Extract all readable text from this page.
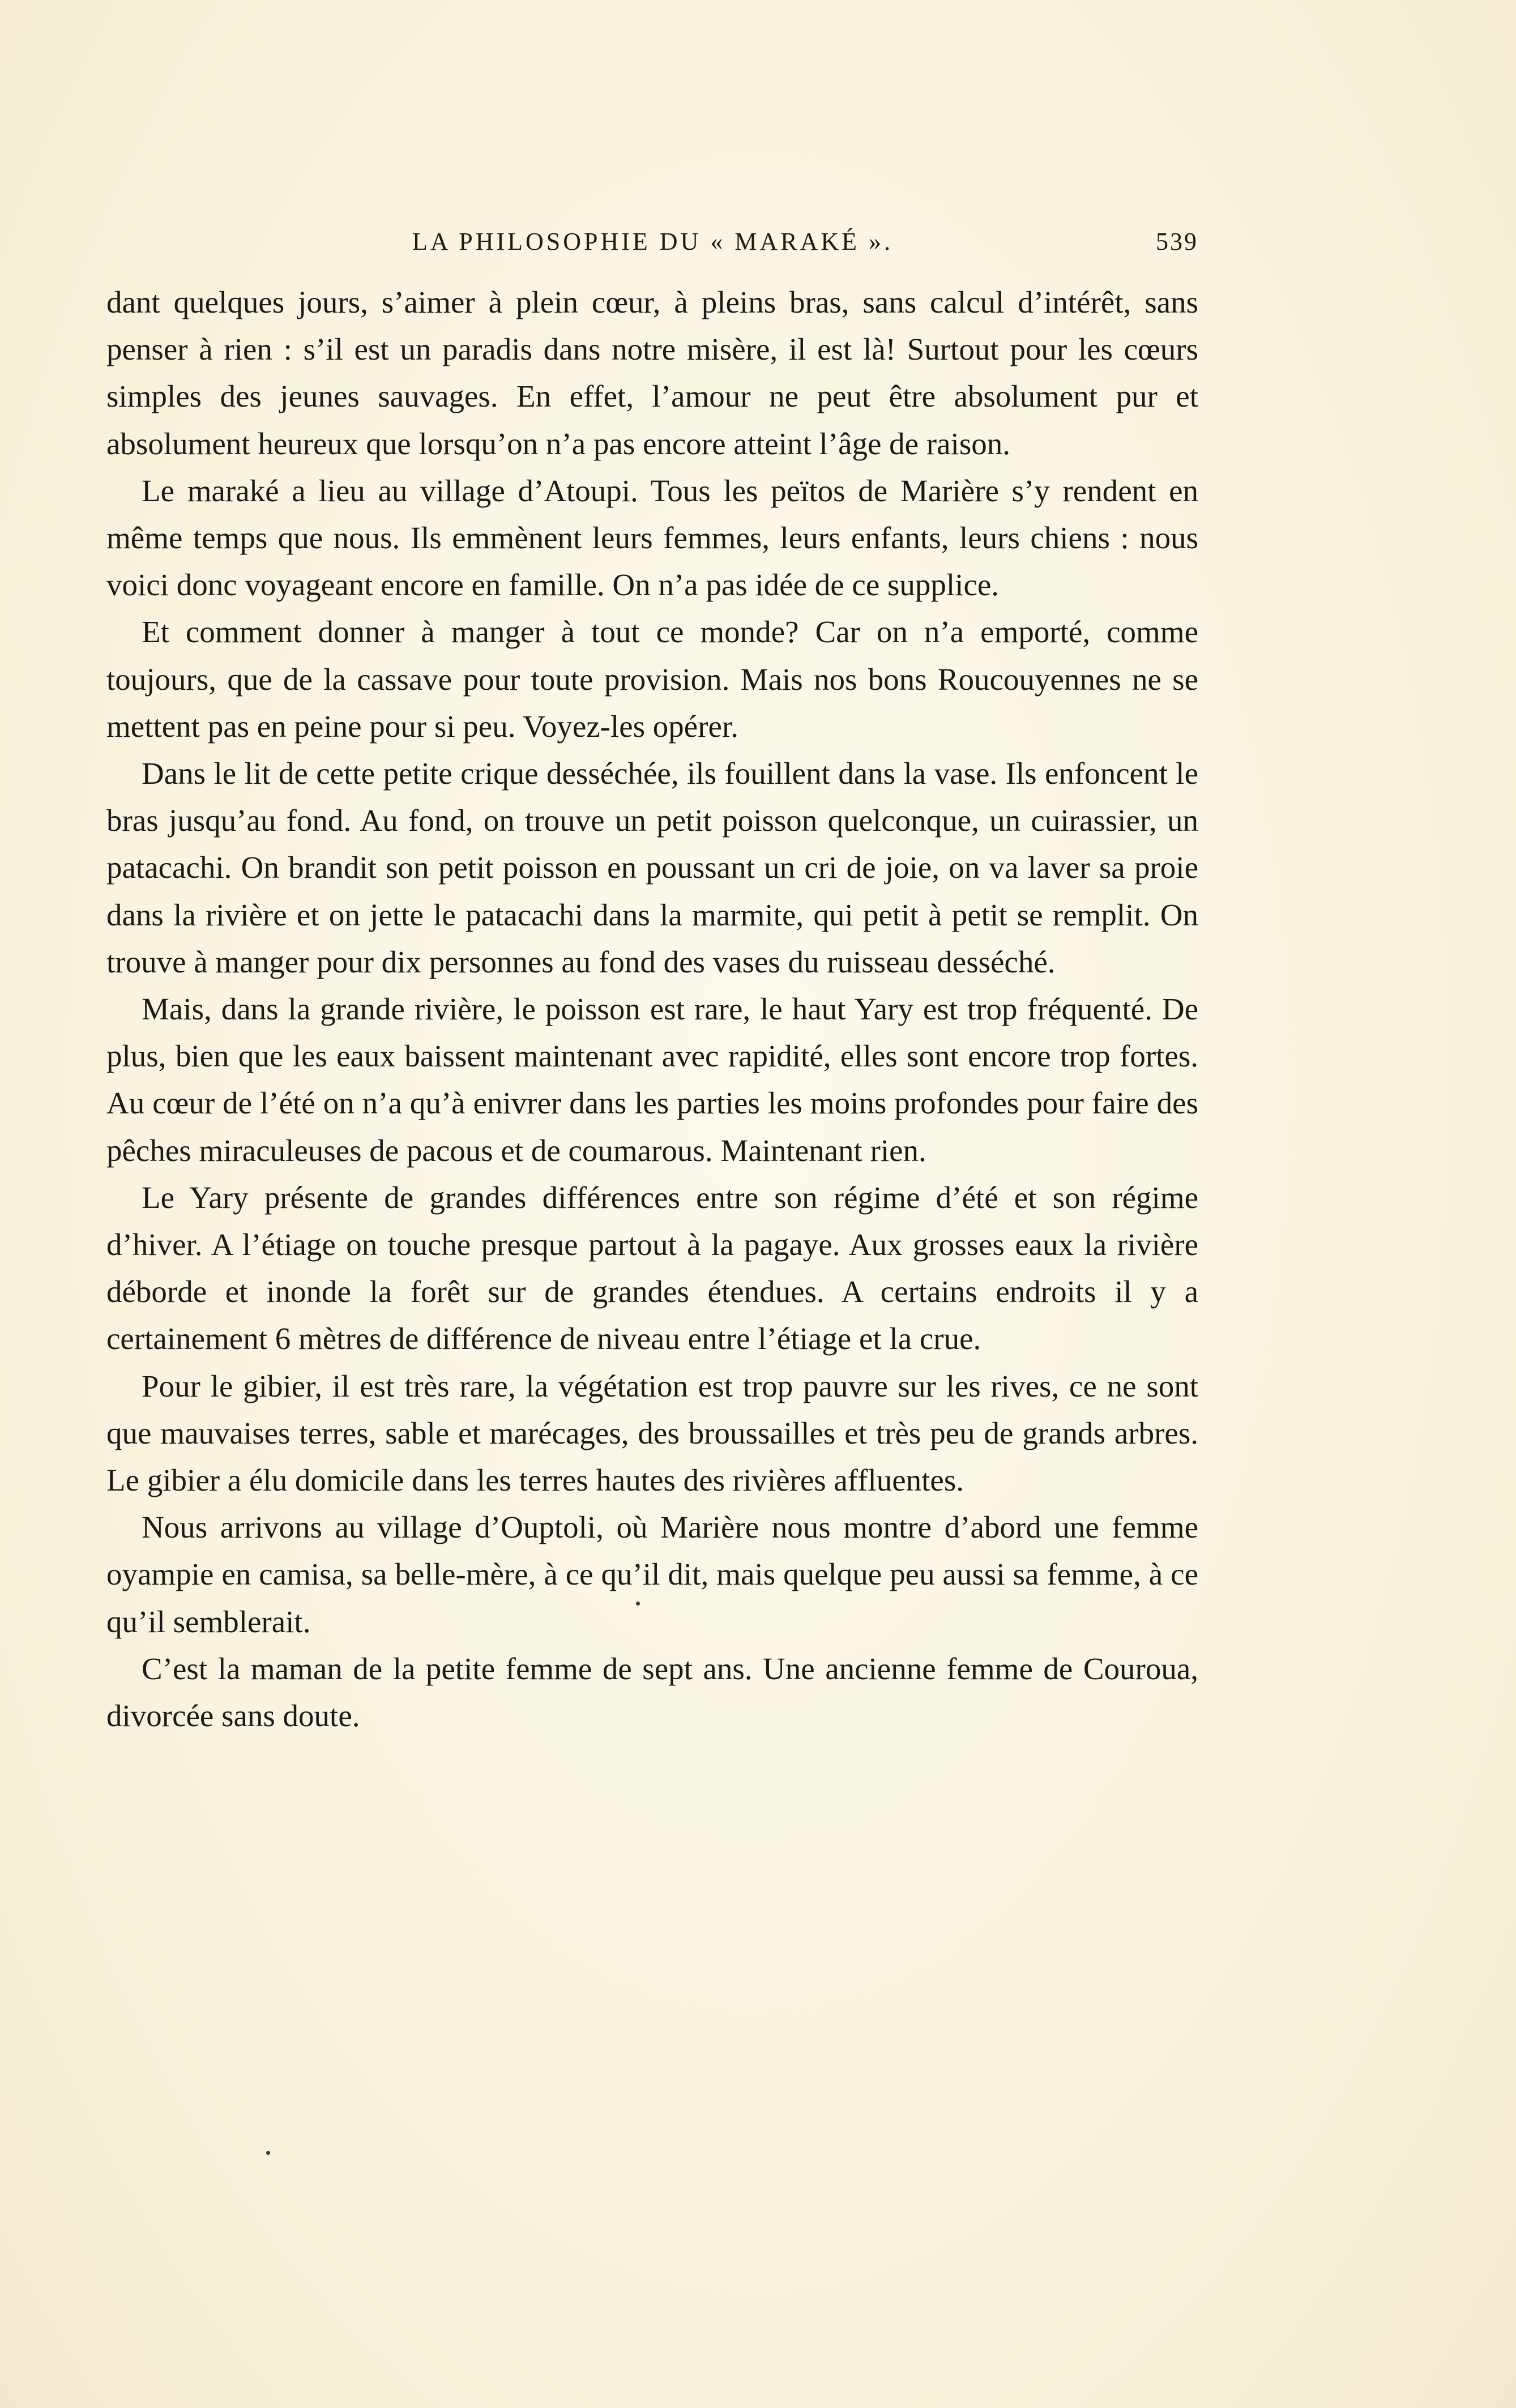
LA PHILOSOPHIE DU « MARAKÉ ».	539

dant quelques jours, s’aimer à plein cœur, à pleins bras, sans calcul d’intérêt, sans penser à rien : s’il est un paradis dans notre misère, il est là! Surtout pour les cœurs simples des jeunes sauvages. En effet, l’amour ne peut être absolument pur et absolument heureux que lorsqu’on n’a pas encore atteint l’âge de raison.

Le maraké a lieu au village d’Atoupi. Tous les peïtos de Marière s’y rendent en même temps que nous. Ils emmènent leurs femmes, leurs enfants, leurs chiens : nous voici donc voyageant encore en famille. On n’a pas idée de ce supplice.

Et comment donner à manger à tout ce monde? Car on n’a emporté, comme toujours, que de la cassave pour toute provision. Mais nos bons Roucouyennes ne se mettent pas en peine pour si peu. Voyez-les opérer.

Dans le lit de cette petite crique desséchée, ils fouillent dans la vase. Ils enfoncent le bras jusqu’au fond. Au fond, on trouve un petit poisson quelconque, un cuirassier, un patacachi. On brandit son petit poisson en poussant un cri de joie, on va laver sa proie dans la rivière et on jette le patacachi dans la marmite, qui petit à petit se remplit. On trouve à manger pour dix personnes au fond des vases du ruisseau desséché.

Mais, dans la grande rivière, le poisson est rare, le haut Yary est trop fréquenté. De plus, bien que les eaux baissent maintenant avec rapidité, elles sont encore trop fortes. Au cœur de l’été on n’a qu’à enivrer dans les parties les moins profondes pour faire des pêches miraculeuses de pacous et de coumarous. Maintenant rien.

Le Yary présente de grandes différences entre son régime d’été et son régime d’hiver. A l’étiage on touche presque partout à la pagaye. Aux grosses eaux la rivière déborde et inonde la forêt sur de grandes étendues. A certains endroits il y a certainement 6 mètres de différence de niveau entre l’étiage et la crue.

Pour le gibier, il est très rare, la végétation est trop pauvre sur les rives, ce ne sont que mauvaises terres, sable et marécages, des broussailles et très peu de grands arbres. Le gibier a élu domicile dans les terres hautes des rivières affluentes.

Nous arrivons au village d’Ouptoli, où Marière nous montre d’abord une femme oyampie en camisa, sa belle-mère, à ce qu’il dit, mais quelque peu aussi sa femme, à ce qu’il semblerait.

C’est la maman de la petite femme de sept ans. Une ancienne femme de Couroua, divorcée sans doute.
